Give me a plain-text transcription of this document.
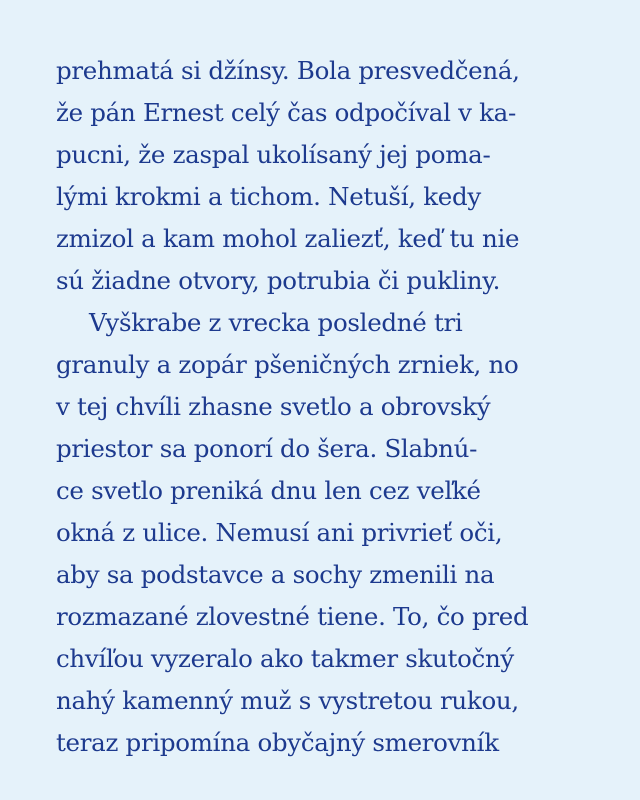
prehmatá si džínsy. Bola presvedčená,
že pán Ernest celý čas odpočíval v ka-
pucni, že zaspal ukolísaný jej poma-
lými krokmi a tichom. Netuší, kedy
zmizol a kam mohol zaliezť, keď tu nie
sú žiadne otvory, potrubia či pukliny.
Vyškrabe z vrecka posledné tri
granuly a zopár pšeničných zrniek, no
v tej chvíli zhasne svetlo a obrovský
priestor sa ponorí do šera. Slabnú-
ce svetlo preniká dnu len cez veľké
okná z ulice. Nemusí ani privrieť oči,
aby sa podstavce a sochy zmenili na
rozmazané zlovestné tiene. To, čo pred
chvíľou vyzeralo ako takmer skutočný
nahý kamenný muž s vystretou rukou,
teraz pripomína obyčajný smerovník
